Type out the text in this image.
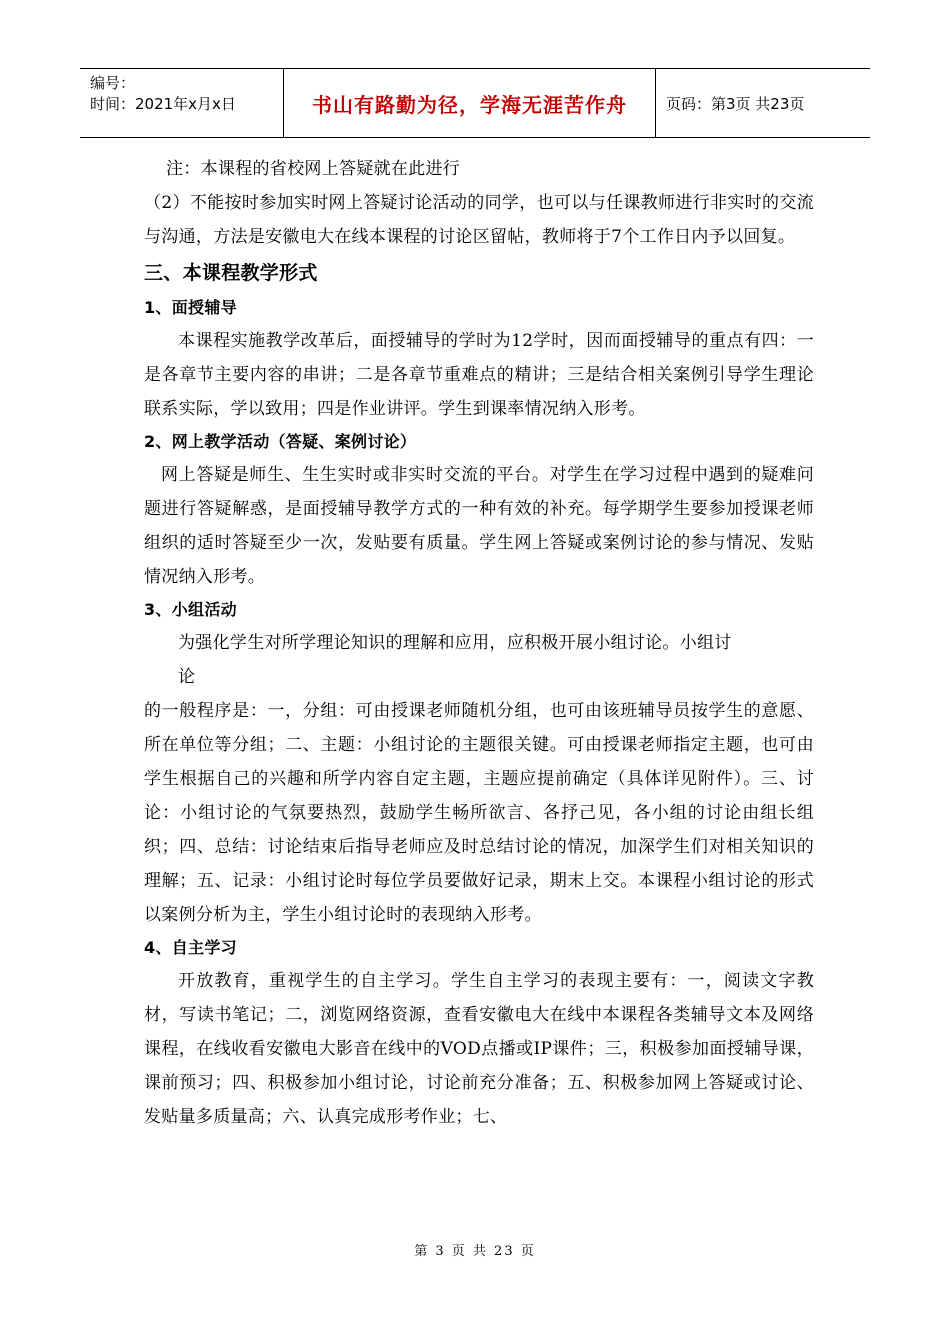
编号：
时间：2021年x月x日	书山有路勤为径，学海无涯苦作舟	页码：第3页 共23页

注：本课程的省校网上答疑就在此进行

（2）不能按时参加实时网上答疑讨论活动的同学，也可以与任课教师进行非实时的交流与沟通，方法是安徽电大在线本课程的讨论区留帖，教师将于7个工作日内予以回复。

三、本课程教学形式

1、面授辅导

本课程实施教学改革后，面授辅导的学时为12学时，因而面授辅导的重点有四：一是各章节主要内容的串讲；二是各章节重难点的精讲；三是结合相关案例引导学生理论联系实际，学以致用；四是作业讲评。学生到课率情况纳入形考。

2、网上教学活动（答疑、案例讨论）

网上答疑是师生、生生实时或非实时交流的平台。对学生在学习过程中遇到的疑难问题进行答疑解惑，是面授辅导教学方式的一种有效的补充。每学期学生要参加授课老师组织的适时答疑至少一次，发贴要有质量。学生网上答疑或案例讨论的参与情况、发贴情况纳入形考。

3、小组活动

为强化学生对所学理论知识的理解和应用，应积极开展小组讨论。小组讨

论

的一般程序是：一，分组：可由授课老师随机分组，也可由该班辅导员按学生的意愿、所在单位等分组；二、主题：小组讨论的主题很关键。可由授课老师指定主题，也可由学生根据自己的兴趣和所学内容自定主题，主题应提前确定（具体详见附件）。三、讨论：小组讨论的气氛要热烈，鼓励学生畅所欲言、各抒己见，各小组的讨论由组长组织；四、总结：讨论结束后指导老师应及时总结讨论的情况，加深学生们对相关知识的理解；五、记录：小组讨论时每位学员要做好记录，期末上交。本课程小组讨论的形式以案例分析为主，学生小组讨论时的表现纳入形考。

4、自主学习

开放教育，重视学生的自主学习。学生自主学习的表现主要有：一，阅读文字教材，写读书笔记；二，浏览网络资源，查看安徽电大在线中本课程各类辅导文本及网络课程，在线收看安徽电大影音在线中的VOD点播或IP课件；三，积极参加面授辅导课，课前预习；四、积极参加小组讨论，讨论前充分准备；五、积极参加网上答疑或讨论、发贴量多质量高；六、认真完成形考作业；七、

第 3 页 共 23 页
